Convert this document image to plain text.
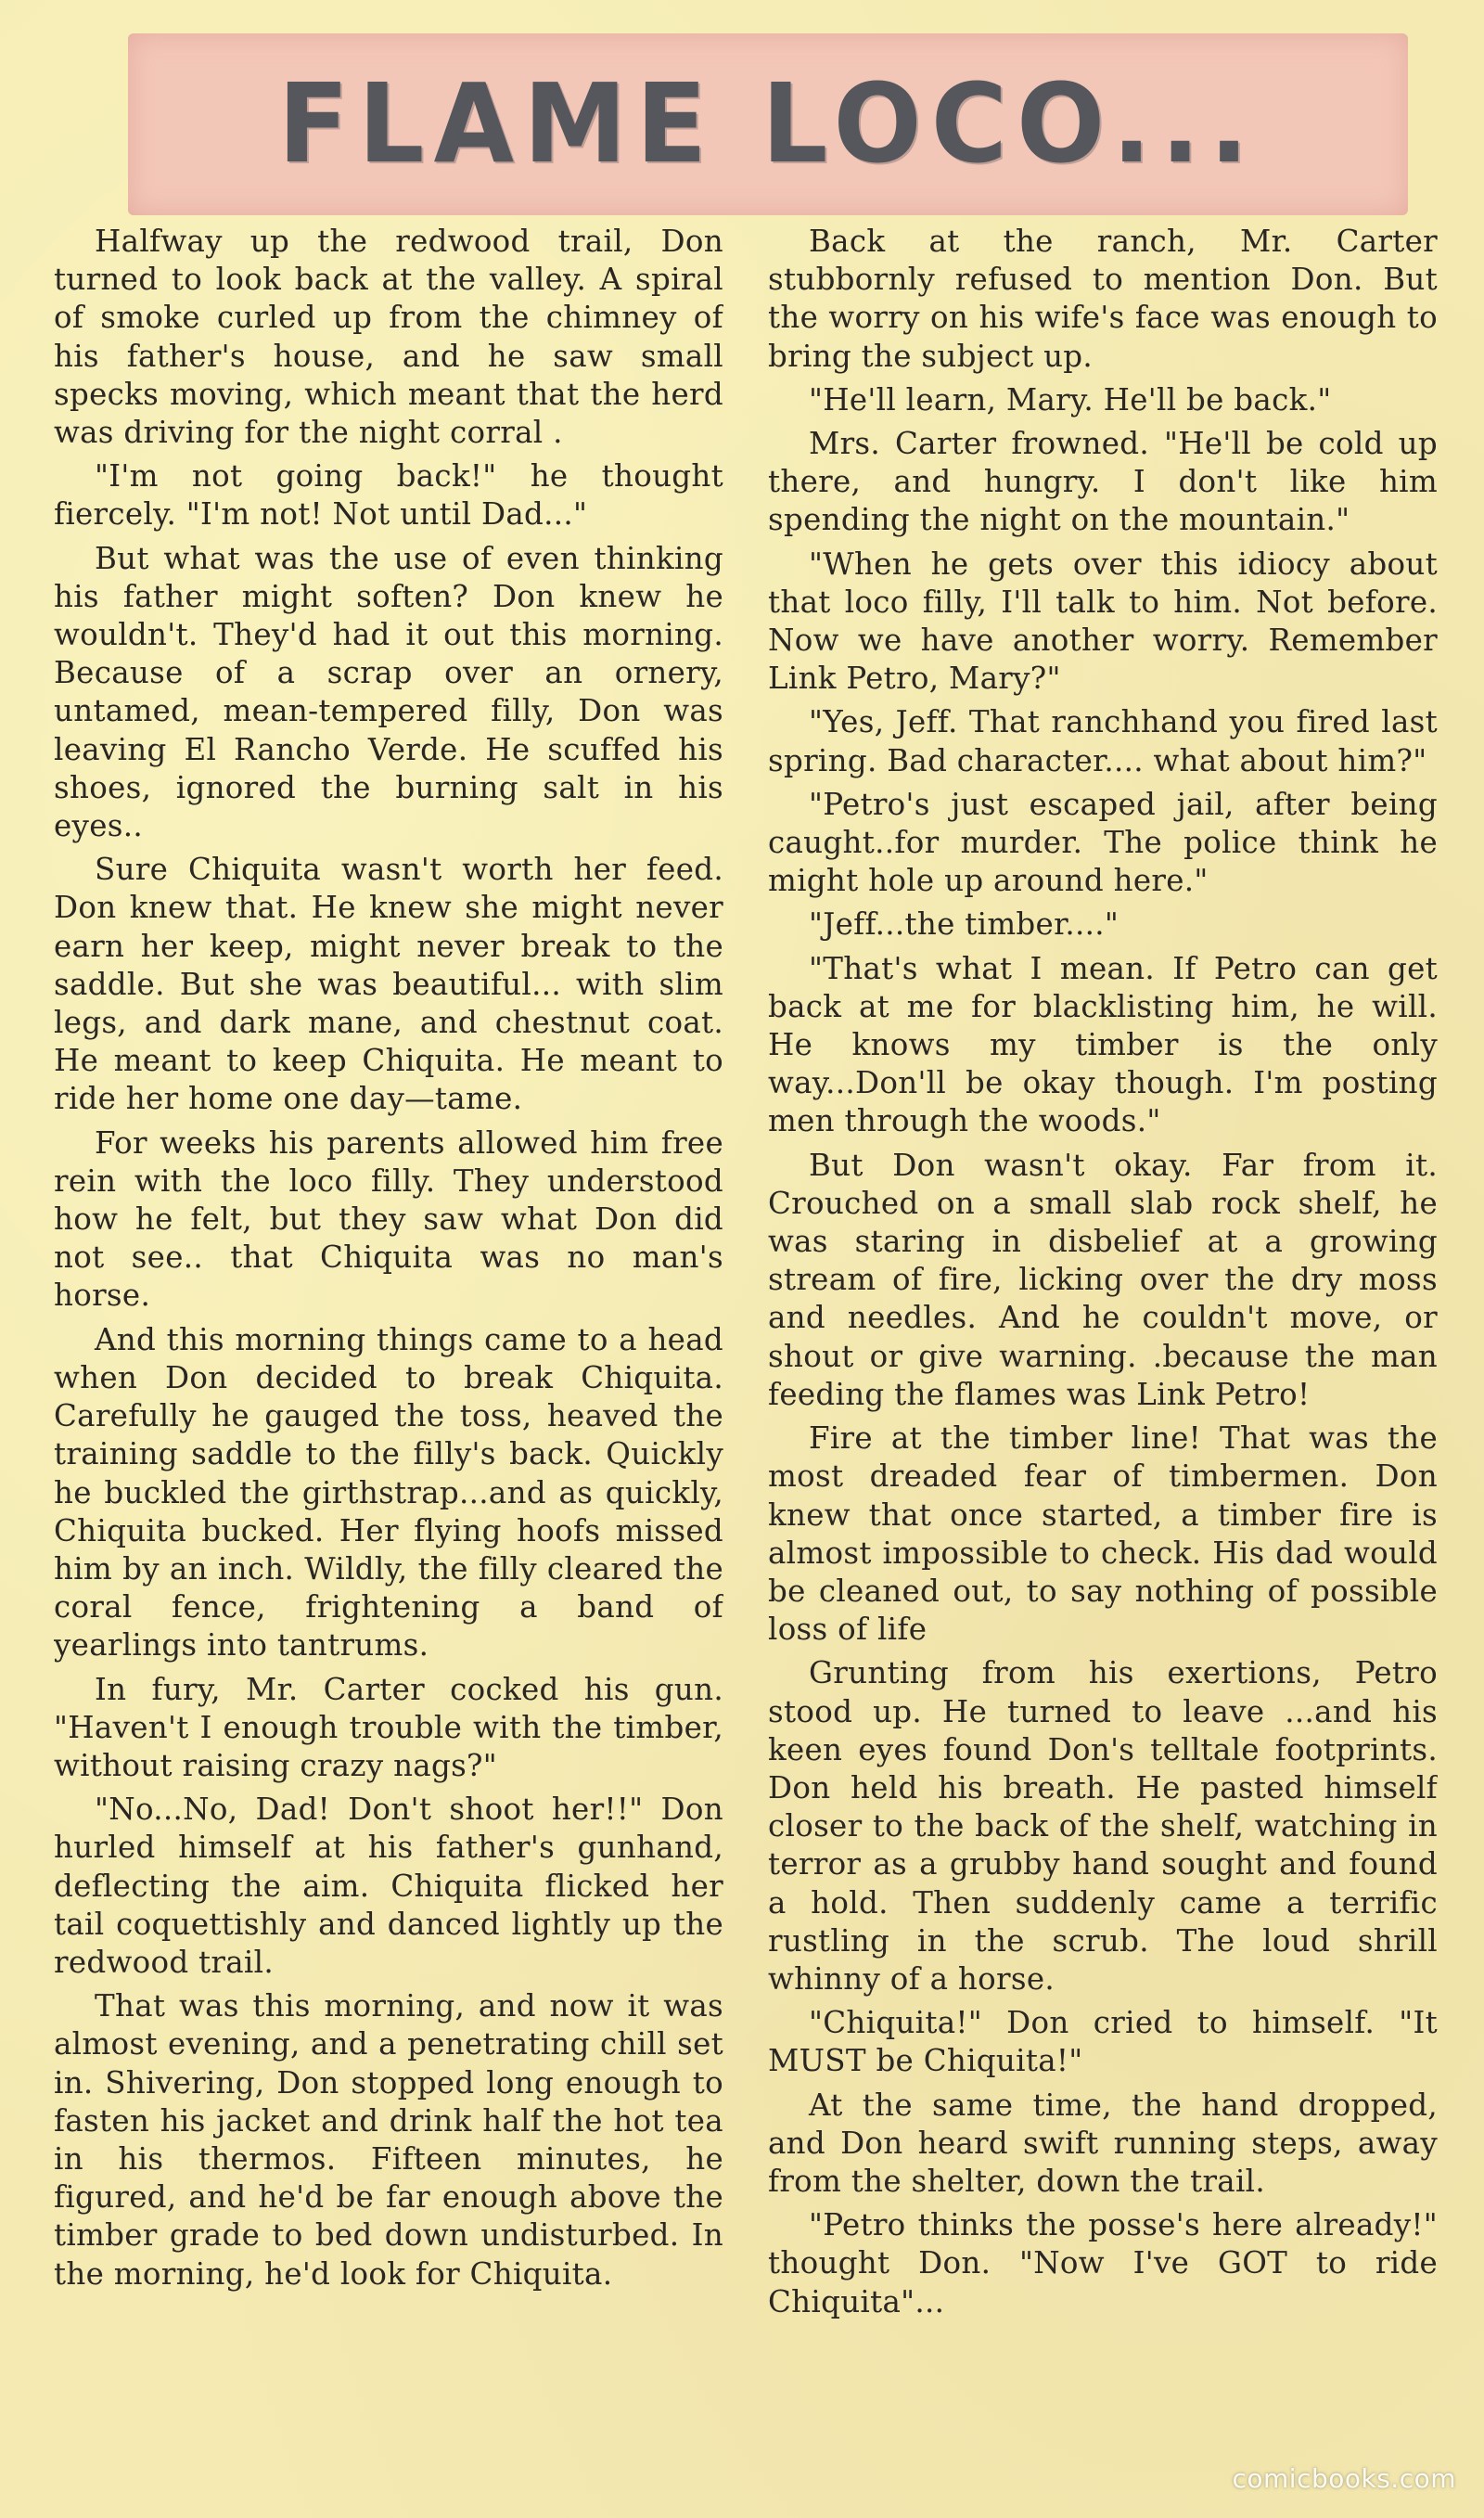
FLAME LOCO...

Halfway up the redwood trail, Don turned to look back at the valley. A spiral of smoke curled up from the chimney of his father's house, and he saw small specks moving, which meant that the herd was driving for the night corral .

"I'm not going back!" he thought fiercely. "I'm not! Not until Dad..."

But what was the use of even thinking his father might soften? Don knew he wouldn't. They'd had it out this morning. Because of a scrap over an ornery, untamed, mean-tempered filly, Don was leaving El Rancho Verde. He scuffed his shoes, ignored the burning salt in his eyes..

Sure Chiquita wasn't worth her feed. Don knew that. He knew she might never earn her keep, might never break to the saddle. But she was beautiful... with slim legs, and dark mane, and chestnut coat. He meant to keep Chiquita. He meant to ride her home one day—tame.

For weeks his parents allowed him free rein with the loco filly. They understood how he felt, but they saw what Don did not see.. that Chiquita was no man's horse.

And this morning things came to a head when Don decided to break Chiquita. Carefully he gauged the toss, heaved the training saddle to the filly's back. Quickly he buckled the girthstrap...and as quickly, Chiquita bucked. Her flying hoofs missed him by an inch. Wildly, the filly cleared the coral fence, frightening a band of yearlings into tantrums.

In fury, Mr. Carter cocked his gun. "Haven't I enough trouble with the timber, without raising crazy nags?"

"No...No, Dad! Don't shoot her!!" Don hurled himself at his father's gunhand, deflecting the aim. Chiquita flicked her tail coquettishly and danced lightly up the redwood trail.

That was this morning, and now it was almost evening, and a penetrating chill set in. Shivering, Don stopped long enough to fasten his jacket and drink half the hot tea in his thermos. Fifteen minutes, he figured, and he'd be far enough above the timber grade to bed down undisturbed. In the morning, he'd look for Chiquita.

Back at the ranch, Mr. Carter stubbornly refused to mention Don. But the worry on his wife's face was enough to bring the subject up.

"He'll learn, Mary. He'll be back."

Mrs. Carter frowned. "He'll be cold up there, and hungry. I don't like him spending the night on the mountain."

"When he gets over this idiocy about that loco filly, I'll talk to him. Not before. Now we have another worry. Remember Link Petro, Mary?"

"Yes, Jeff. That ranchhand you fired last spring. Bad character.... what about him?"

"Petro's just escaped jail, after being caught..for murder. The police think he might hole up around here."

"Jeff...the timber...."

"That's what I mean. If Petro can get back at me for blacklisting him, he will. He knows my timber is the only way...Don'll be okay though. I'm posting men through the woods."

But Don wasn't okay. Far from it. Crouched on a small slab rock shelf, he was staring in disbelief at a growing stream of fire, licking over the dry moss and needles. And he couldn't move, or shout or give warning. .because the man feeding the flames was Link Petro!

Fire at the timber line! That was the most dreaded fear of timbermen. Don knew that once started, a timber fire is almost impossible to check. His dad would be cleaned out, to say nothing of possible loss of life

Grunting from his exertions, Petro stood up. He turned to leave ...and his keen eyes found Don's telltale footprints. Don held his breath. He pasted himself closer to the back of the shelf, watching in terror as a grubby hand sought and found a hold. Then suddenly came a terrific rustling in the scrub. The loud shrill whinny of a horse.

"Chiquita!" Don cried to himself. "It MUST be Chiquita!"

At the same time, the hand dropped, and Don heard swift running steps, away from the shelter, down the trail.

"Petro thinks the posse's here already!" thought Don. "Now I've GOT to ride Chiquita"...

comicbooks.com
